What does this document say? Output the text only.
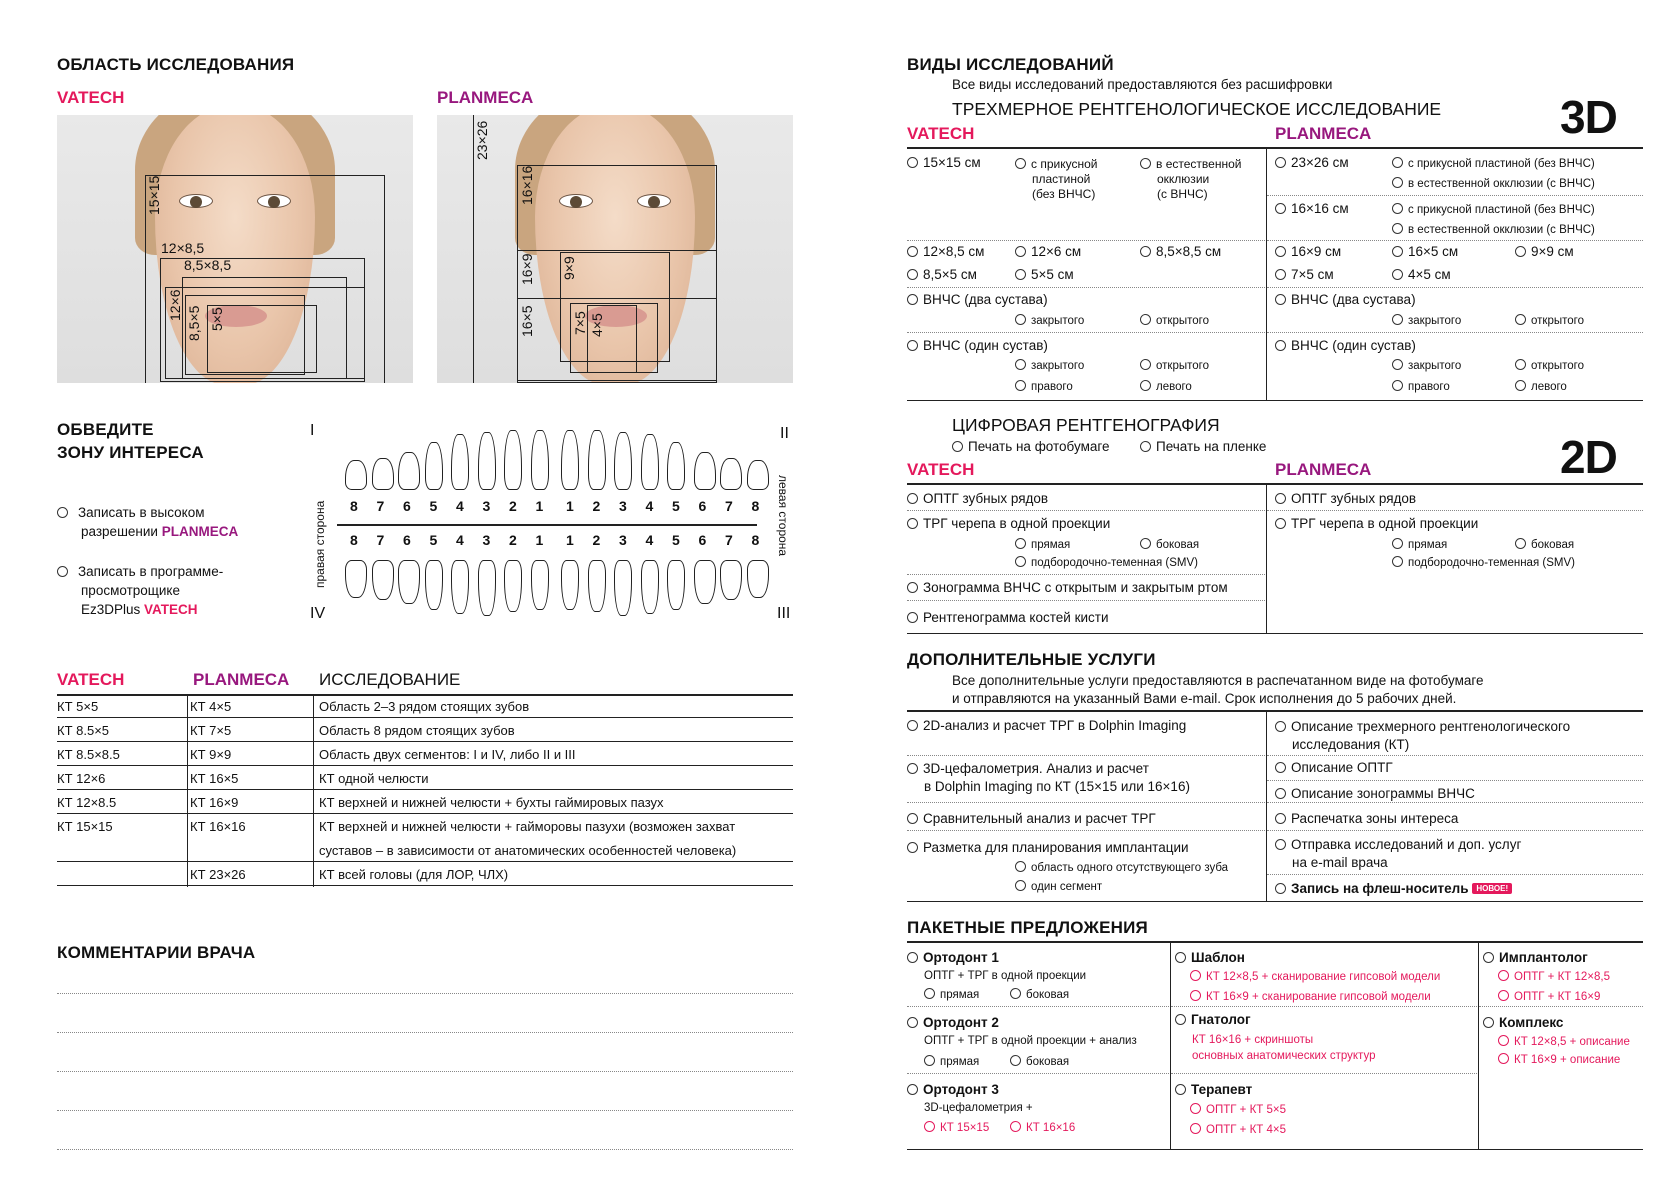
ОБЛАСТЬ ИССЛЕДОВАНИЯ
VATECH	PLANMECA
15×15
12×8,5
8,5×8,5
12×6
8,5×5 5×5
23×26
16×16
16×9 9×9
16×5	7×5 4×5
ОБВЕДИТЕ
ЗОНУ ИНТЕРЕСА
Записать в высоком
разрешении PLANMECA
Записать в программе-
просмотрощике
Ez3DPlus VATECH
I	II
IV	III
правая сторона	левая сторона
8 7 6 5 4 3 2 1 1 2 3 4 5 6 7 8
8 7 6 5 4 3 2 1 1 2 3 4 5 6 7 8
VATECH	PLANMECA ИССЛЕДОВАНИЕ
КТ 5×5	КТ 4×5	Область 2–3 рядом стоящих зубов
КТ 8.5×5	КТ 7×5	Область 8 рядом стоящих зубов
КТ 8.5×8.5	КТ 9×9	Область двух сегментов: I и IV, либо II и III
КТ 12×6	КТ 16×5	КТ одной челюсти
КТ 12×8.5	КТ 16×9	КТ верхней и нижней челюсти + бухты гаймировых пазух
КТ 15×15	КТ 16×16	КТ верхней и нижней челюсти + гайморовы пазухи (возможен захват
суставов – в зависимости от анатомических особенностей человека)
КТ 23×26	КТ всей головы (для ЛОР, ЧЛХ)
КОММЕНТАРИИ ВРАЧА
ВИДЫ ИССЛЕДОВАНИЙ
Все виды исследований предоставляются без расшифровки
ТРЕХМЕРНОЕ РЕНТГЕНОЛОГИЧЕСКОЕ ИССЛЕДОВАНИЕ	3D
VATECH	PLANMECA
15×15 см	с прикусной
пластиной
(без ВНЧС)
в естественной
окклюзии
(с ВНЧС)
12×8,5 см	12×6 см	8,5×8,5 см
8,5×5 см	5×5 см
ВНЧС (два сустава)
закрытого	открытого
ВНЧС (один сустав)
закрытого	открытого
правого	левого
23×26 см	с прикусной пластиной (без ВНЧС)
в естественной окклюзии (с ВНЧС)
16×16 см	с прикусной пластиной (без ВНЧС)
в естественной окклюзии (с ВНЧС)
16×9 см	16×5 см	9×9 см
7×5 см	4×5 см
ВНЧС (два сустава)
закрытого	открытого
ВНЧС (один сустав)
закрытого	открытого
правого	левого
ЦИФРОВАЯ РЕНТГЕНОГРАФИЯ
Печать на фотобумаге	Печать на пленке	2D
VATECH	PLANMECA
ОПТГ зубных рядов
ТРГ черепа в одной проекции
прямая	боковая
подбородочно-теменная (SMV)
Зонограмма ВНЧС с открытым и закрытым ртом
Рентгенограмма костей кисти
ОПТГ зубных рядов
ТРГ черепа в одной проекции
прямая	боковая
подбородочно-теменная (SMV)
ДОПОЛНИТЕЛЬНЫЕ УСЛУГИ
Все дополнительные услуги предоставляются в распечатанном виде на фотобумаге
и отправляются на указанный Вами e-mail. Срок исполнения до 5 рабочих дней.
2D-анализ и расчет ТРГ в Dolphin Imaging
3D-цефалометрия. Анализ и расчет
в Dolphin Imaging по КТ (15×15 или 16×16)
Сравнительный анализ и расчет ТРГ
Разметка для планирования имплантации
область одного отсутствующего зуба
один сегмент
Описание трехмерного рентгенологического
исследования (КТ)
Описание ОПТГ
Описание зонограммы ВНЧС
Распечатка зоны интереса
Отправка исследований и доп. услуг
на e-mail врача
Запись на флеш-носитель НОВОЕ!
ПАКЕТНЫЕ ПРЕДЛОЖЕНИЯ
Ортодонт 1
ОПТГ + ТРГ в одной проекции
прямая	боковая
Ортодонт 2
ОПТГ + ТРГ в одной проекции + анализ
прямая	боковая
Ортодонт 3
3D-цефалометрия +
КТ 15×15	КТ 16×16
Шаблон
КТ 12×8,5 + сканирование гипсовой модели
КТ 16×9 + сканирование гипсовой модели
Гнатолог
КТ 16×16 + скриншоты
основных анатомических структур
Терапевт
ОПТГ + КТ 5×5
ОПТГ + КТ 4×5
Имплантолог
ОПТГ + КТ 12×8,5
ОПТГ + КТ 16×9
Комплекс
КТ 12×8,5 + описание
КТ 16×9 + описание
